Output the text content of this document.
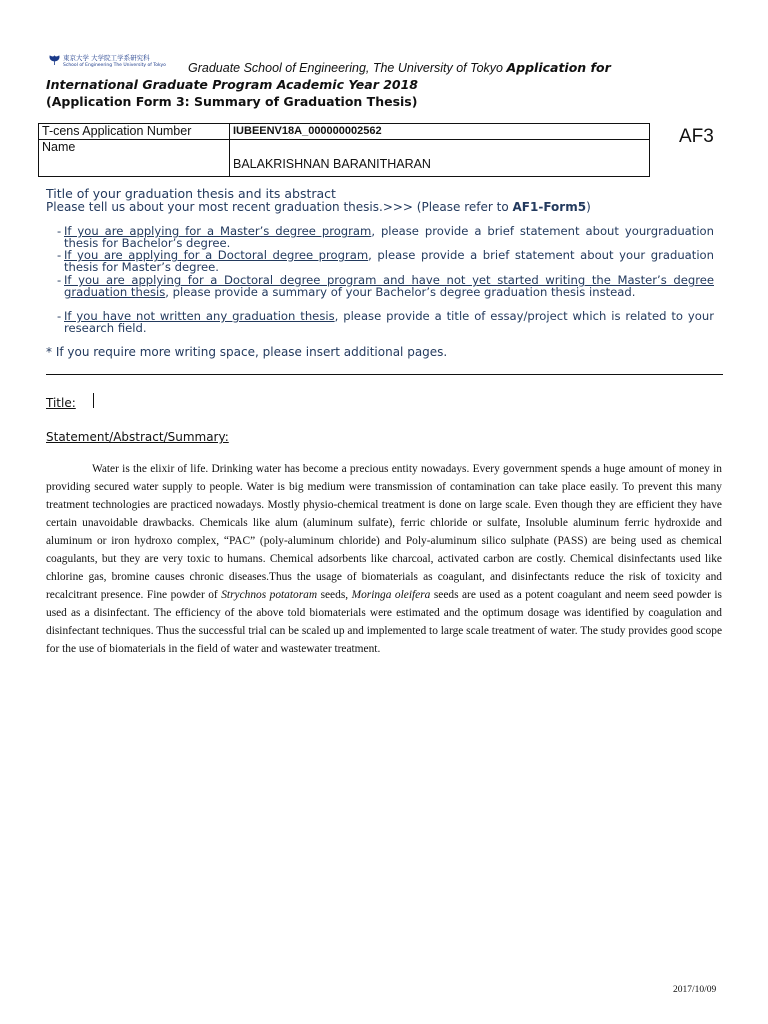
東京大学 大学院工学系研究科
School of Engineering The University of Tokyo Graduate School of Engineering, The University of Tokyo Application for
International Graduate Program Academic Year 2018
(Application Form 3: Summary of Graduation Thesis)
T-cens Application Number	IUBEENV18A_000000002562
Name	BALAKRISHNAN BARANITHARAN
AF3
Title of your graduation thesis and its abstract
Please tell us about your most recent graduation thesis.>>> (Please refer to AF1-Form5)
- If you are applying for a Master’s degree program, please provide a brief statement about yourgraduation thesis for Bachelor’s degree.
- If you are applying for a Doctoral degree program, please provide a brief statement about your graduation thesis for Master’s degree.
- If you are applying for a Doctoral degree program and have not yet started writing the Master’s degree graduation thesis, please provide a summary of your Bachelor’s degree graduation thesis instead.
- If you have not written any graduation thesis, please provide a title of essay/project which is related to your research field.
* If you require more writing space, please insert additional pages.
Title:
Statement/Abstract/Summary:

Water is the elixir of life. Drinking water has become a precious entity nowadays. Every government spends a huge amount of money in providing secured water supply to people. Water is big medium were transmission of contamination can take place easily. To prevent this many treatment technologies are practiced nowadays. Mostly physio-chemical treatment is done on large scale. Even though they are efficient they have certain unavoidable drawbacks. Chemicals like alum (aluminum sulfate), ferric chloride or sulfate, Insoluble aluminum ferric hydroxide and aluminum or iron hydroxo complex, “PAC” (poly-aluminum chloride) and Poly-aluminum silico sulphate (PASS) are being used as chemical coagulants, but they are very toxic to humans. Chemical adsorbents like charcoal, activated carbon are costly. Chemical disinfectants used like chlorine gas, bromine causes chronic diseases.Thus the usage of biomaterials as coagulant, and disinfectants reduce the risk of toxicity and recalcitrant presence. Fine powder of Strychnos potatoram seeds, Moringa oleifera seeds are used as a potent coagulant and neem seed powder is used as a disinfectant. The efficiency of the above told biomaterials were estimated and the optimum dosage was identified by coagulation and disinfectant techniques. Thus the successful trial can be scaled up and implemented to large scale treatment of water. The study provides good scope for the use of biomaterials in the field of water and wastewater treatment.

2017/10/09
